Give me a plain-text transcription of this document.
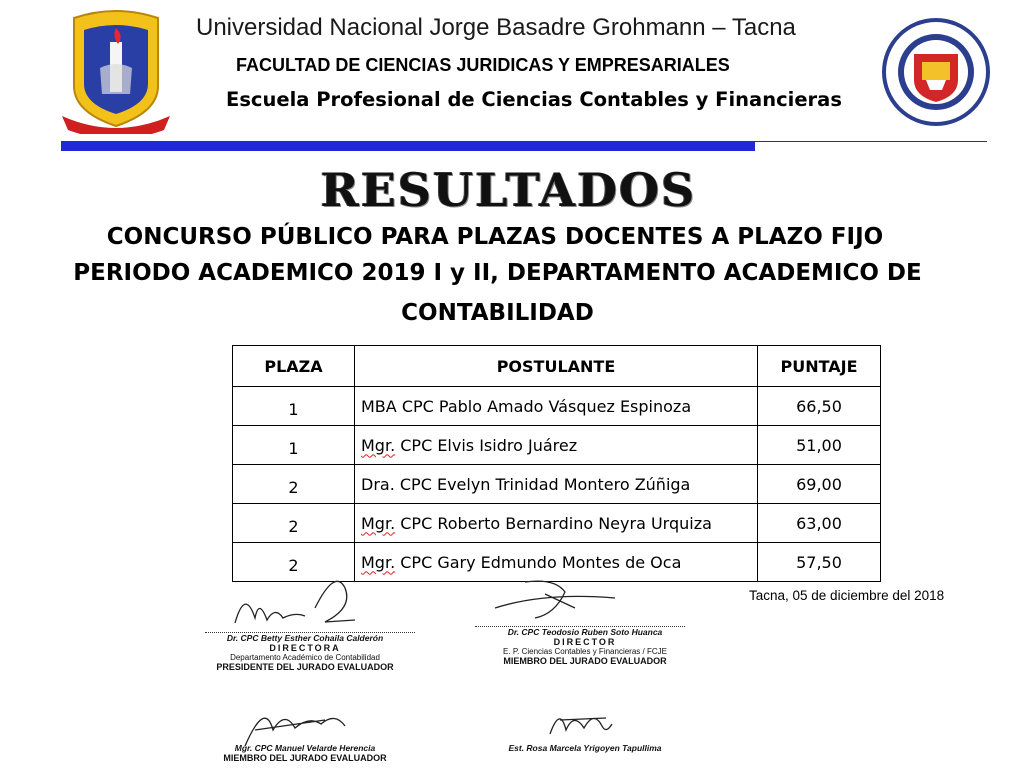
Universidad Nacional Jorge Basadre Grohmann – Tacna
FACULTAD DE CIENCIAS JURIDICAS Y EMPRESARIALES
Escuela Profesional de Ciencias Contables y Financieras
RESULTADOS
CONCURSO PÚBLICO PARA PLAZAS DOCENTES A PLAZO FIJO
PERIODO ACADEMICO 2019 I y II, DEPARTAMENTO ACADEMICO DE
CONTABILIDAD
PLAZA	POSTULANTE	PUNTAJE
1	MBA CPC Pablo Amado Vásquez Espinoza	66,50
1	Mgr. CPC Elvis Isidro Juárez	51,00
2	Dra. CPC Evelyn Trinidad Montero Zúñiga	69,00
2	Mgr. CPC Roberto Bernardino Neyra Urquiza	63,00
2	Mgr. CPC Gary Edmundo Montes de Oca	57,50
Tacna, 05 de diciembre del 2018
Dr. CPC Betty Esther Cohaila Calderón
DIRECTORA
Departamento Académico de Contabilidad
PRESIDENTE DEL JURADO EVALUADOR
Dr. CPC Teodosio Ruben Soto Huanca
DIRECTOR
E. P. Ciencias Contables y Financieras / FCJE
MIEMBRO DEL JURADO EVALUADOR
Mgr. CPC Manuel Velarde Herencia
MIEMBRO DEL JURADO EVALUADOR
Est. Rosa Marcela Yrigoyen Tapullima
